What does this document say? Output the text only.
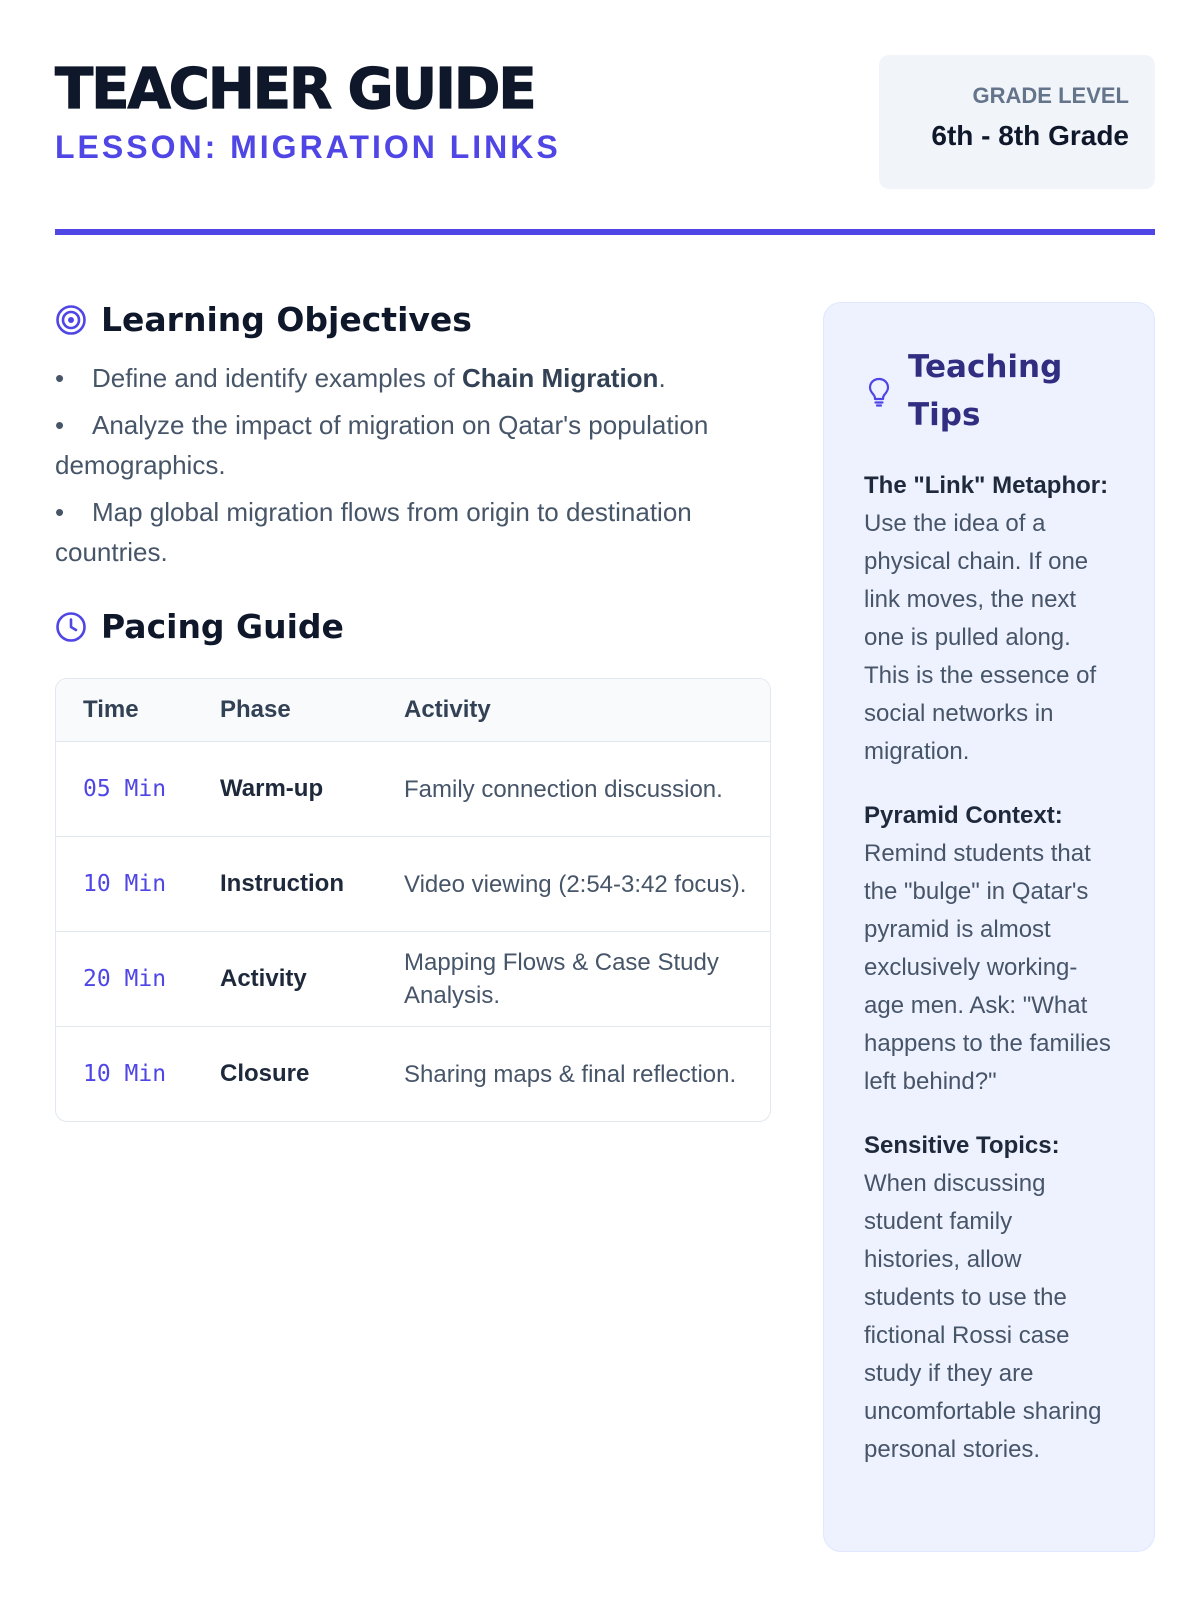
TEACHER GUIDE
LESSON: MIGRATION LINKS
GRADE LEVEL
6th - 8th Grade
Learning Objectives
• Define and identify examples of Chain Migration.
• Analyze the impact of migration on Qatar's population demographics.
• Map global migration flows from origin to destination countries.
Pacing Guide
Time	Phase	Activity
05 Min	Warm-up	Family connection discussion.
10 Min	Instruction	Video viewing (2:54-3:42 focus).
20 Min	Activity	Mapping Flows & Case Study Analysis.
10 Min	Closure	Sharing maps & final reflection.
Teaching Tips
The "Link" Metaphor: Use the idea of a physical chain. If one link moves, the next one is pulled along. This is the essence of social networks in migration.
Pyramid Context: Remind students that the "bulge" in Qatar's pyramid is almost exclusively working-age men. Ask: "What happens to the families left behind?"
Sensitive Topics: When discussing student family histories, allow students to use the fictional Rossi case study if they are uncomfortable sharing personal stories.
